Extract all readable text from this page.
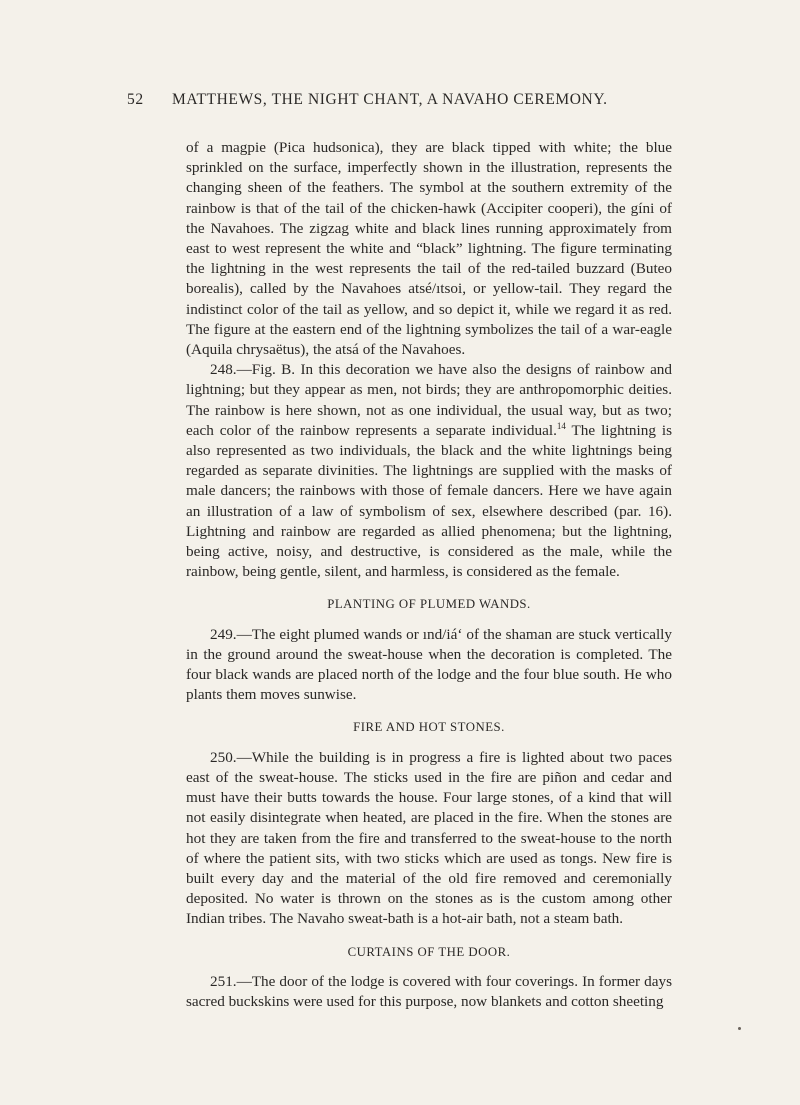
52 MATTHEWS, THE NIGHT CHANT, A NAVAHO CEREMONY.

of a magpie (Pica hudsonica), they are black tipped with white; the blue sprinkled on the surface, imperfectly shown in the illustration, represents the changing sheen of the feathers. The symbol at the southern extremity of the rainbow is that of the tail of the chicken-hawk (Accipiter cooperi), the gíni of the Navahoes. The zigzag white and black lines running approximately from east to west represent the white and “black” lightning. The figure terminating the lightning in the west represents the tail of the red-tailed buzzard (Buteo borealis), called by the Navahoes atsé/ıtsoi, or yellow-tail. They regard the indistinct color of the tail as yellow, and so depict it, while we regard it as red. The figure at the eastern end of the lightning symbolizes the tail of a war-eagle (Aquila chrysaëtus), the atsá of the Navahoes.

248.—Fig. B. In this decoration we have also the designs of rainbow and lightning; but they appear as men, not birds; they are anthropomorphic deities. The rainbow is here shown, not as one individual, the usual way, but as two; each color of the rainbow represents a separate individual.$^{14}$ The lightning is also represented as two individuals, the black and the white lightnings being regarded as separate divinities. The lightnings are supplied with the masks of male dancers; the rainbows with those of female dancers. Here we have again an illustration of a law of symbolism of sex, elsewhere described (par. 16). Lightning and rainbow are regarded as allied phenomena; but the lightning, being active, noisy, and destructive, is considered as the male, while the rainbow, being gentle, silent, and harmless, is considered as the female.

PLANTING OF PLUMED WANDS.

249.—The eight plumed wands or ınd/iá‘ of the shaman are stuck vertically in the ground around the sweat-house when the decoration is completed. The four black wands are placed north of the lodge and the four blue south. He who plants them moves sunwise.

FIRE AND HOT STONES.

250.—While the building is in progress a fire is lighted about two paces east of the sweat-house. The sticks used in the fire are piñon and cedar and must have their butts towards the house. Four large stones, of a kind that will not easily disintegrate when heated, are placed in the fire. When the stones are hot they are taken from the fire and transferred to the sweat-house to the north of where the patient sits, with two sticks which are used as tongs. New fire is built every day and the material of the old fire removed and ceremonially deposited. No water is thrown on the stones as is the custom among other Indian tribes. The Navaho sweat-bath is a hot-air bath, not a steam bath.

CURTAINS OF THE DOOR.

251.—The door of the lodge is covered with four coverings. In former days sacred buckskins were used for this purpose, now blankets and cotton sheeting
